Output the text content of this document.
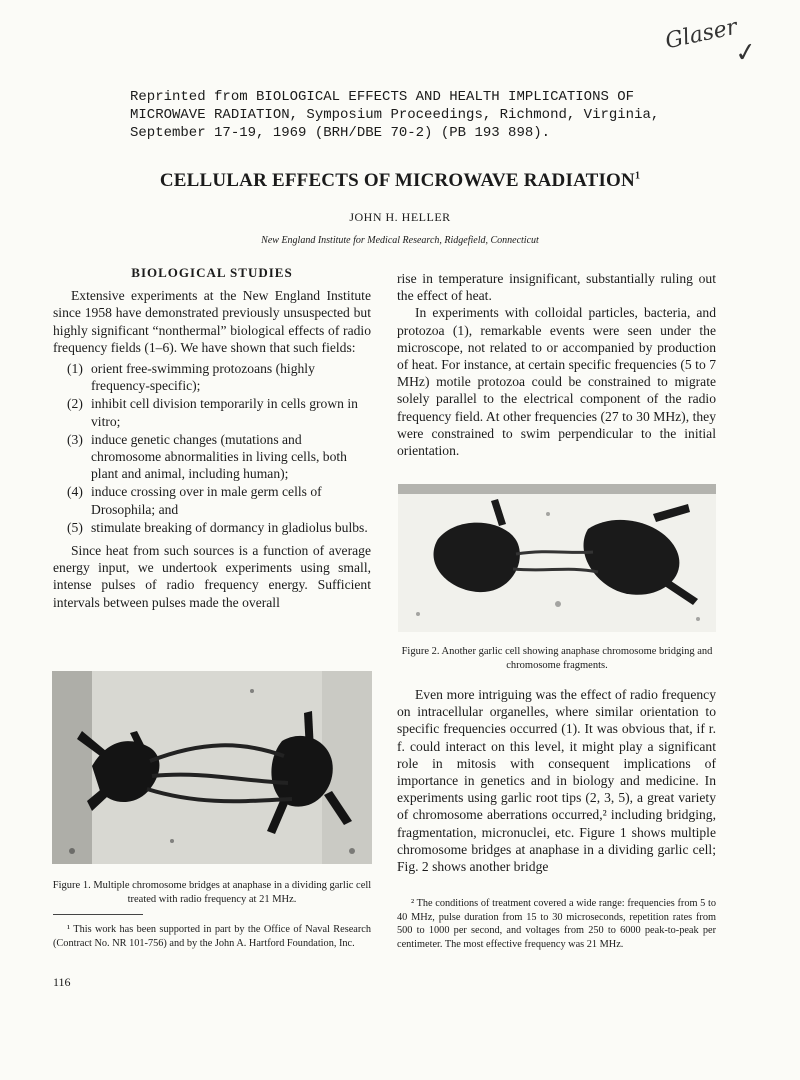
Glaser
✓
Reprinted from BIOLOGICAL EFFECTS AND HEALTH IMPLICATIONS OF
MICROWAVE RADIATION, Symposium Proceedings, Richmond, Virginia,
September 17-19, 1969 (BRH/DBE 70-2) (PB 193 898).
CELLULAR EFFECTS OF MICROWAVE RADIATION$^1$
JOHN H. HELLER
New England Institute for Medical Research, Ridgefield, Connecticut
BIOLOGICAL STUDIES

Extensive experiments at the New England Institute since 1958 have demonstrated previously unsuspected but highly significant “nonthermal” biological effects of radio frequency fields (1–6). We have shown that such fields:

(1) orient free-swimming protozoans (highly frequency-specific);
(2) inhibit cell division temporarily in cells grown in vitro;
(3) induce genetic changes (mutations and chromosome abnormalities in living cells, both plant and animal, including human);
(4) induce crossing over in male germ cells of Drosophila; and
(5) stimulate breaking of dormancy in gladiolus bulbs.

Since heat from such sources is a function of average energy input, we undertook experiments using small, intense pulses of radio frequency energy. Sufficient intervals between pulses made the overall

Figure 1. Multiple chromosome bridges at anaphase in a dividing garlic cell treated with radio frequency at 21 MHz.

¹ This work has been supported in part by the Office of Naval Research (Contract No. NR 101-756) and by the John A. Hartford Foundation, Inc.

116

rise in temperature insignificant, substantially ruling out the effect of heat.

In experiments with colloidal particles, bacteria, and protozoa (1), remarkable events were seen under the microscope, not related to or accompanied by production of heat. For instance, at certain specific frequencies (5 to 7 MHz) motile protozoa could be constrained to migrate solely parallel to the electrical component of the radio frequency field. At other frequencies (27 to 30 MHz), they were constrained to swim perpendicular to the initial orientation.

Figure 2. Another garlic cell showing anaphase chromosome bridging and chromosome fragments.

Even more intriguing was the effect of radio frequency on intracellular organelles, where similar orientation to specific frequencies occurred (1). It was obvious that, if r. f. could interact on this level, it might play a significant role in mitosis with consequent implications of importance in genetics and in biology and medicine. In experiments using garlic root tips (2, 3, 5), a great variety of chromosome aberrations occurred,² including bridging, fragmentation, micronuclei, etc. Figure 1 shows multiple chromosome bridges at anaphase in a dividing garlic cell; Fig. 2 shows another bridge

² The conditions of treatment covered a wide range: frequencies from 5 to 40 MHz, pulse duration from 15 to 30 microseconds, repetition rates from 500 to 1000 per second, and voltages from 250 to 6000 peak-to-peak per centimeter. The most effective frequency was 21 MHz.
